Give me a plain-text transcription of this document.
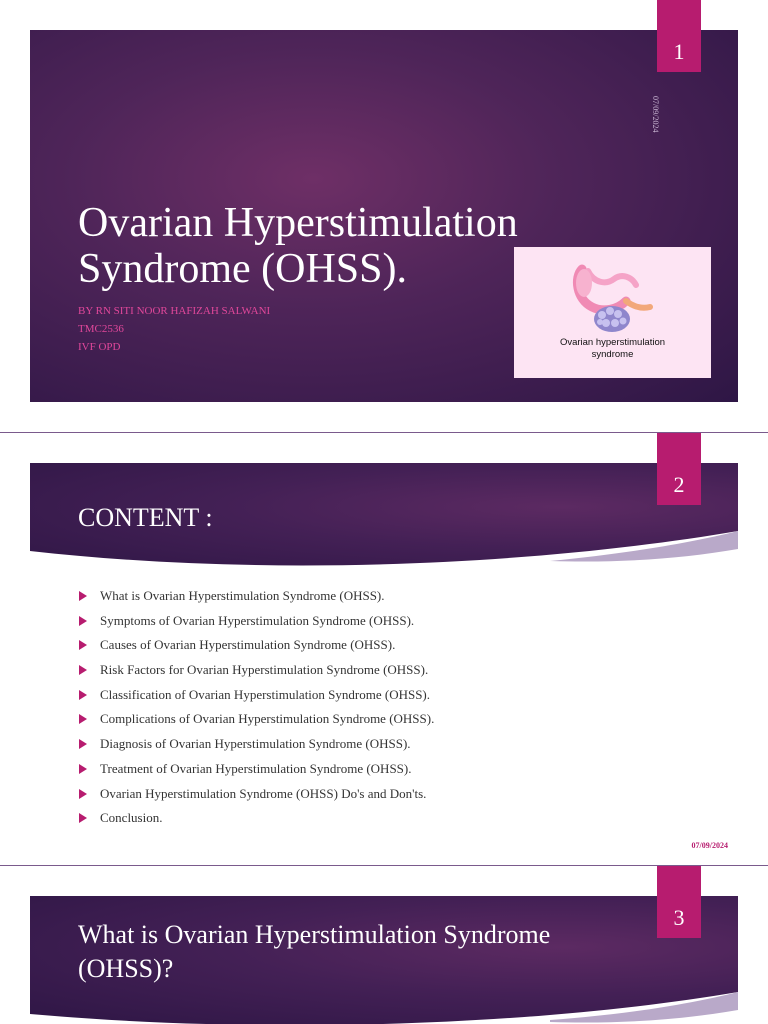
1
07/09/2024
Ovarian Hyperstimulation
Syndrome (OHSS).
BY RN SITI NOOR HAFIZAH SALWANI
TMC2536
IVF OPD	Ovarian hyperstimulation
syndrome
2
CONTENT :
What is Ovarian Hyperstimulation Syndrome (OHSS).
Symptoms of Ovarian Hyperstimulation Syndrome (OHSS).
Causes of Ovarian Hyperstimulation Syndrome (OHSS).
Risk Factors for Ovarian Hyperstimulation Syndrome (OHSS).
Classification of Ovarian Hyperstimulation Syndrome (OHSS).
Complications of Ovarian Hyperstimulation Syndrome (OHSS).
Diagnosis of Ovarian Hyperstimulation Syndrome (OHSS).
Treatment of Ovarian Hyperstimulation Syndrome (OHSS).
Ovarian Hyperstimulation Syndrome (OHSS) Do's and Don'ts.
Conclusion.
07/09/2024
3
What is Ovarian Hyperstimulation Syndrome
(OHSS)?
